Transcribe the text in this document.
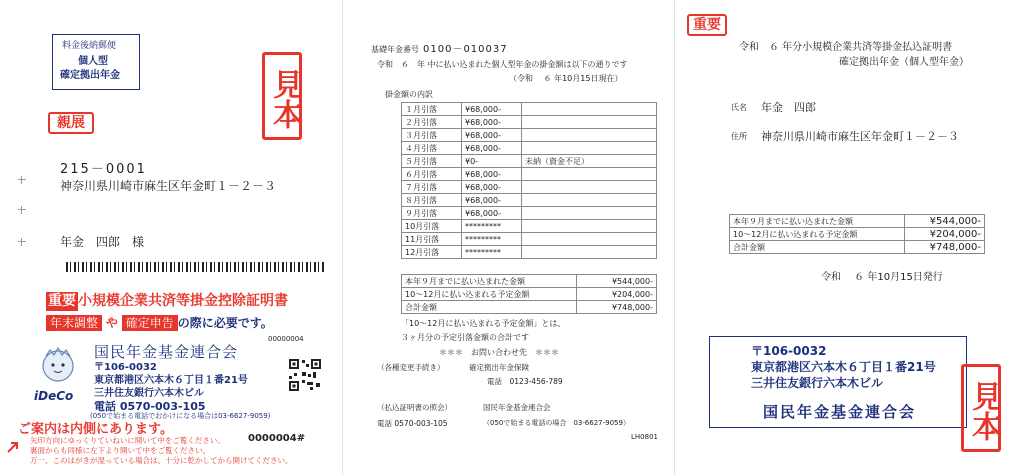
料金後納郵便
個人型
確定拠出年金	見本
親展
215－0001
神奈川県川崎市麻生区年金町１－２－３
年金　四郎　様
重要 小規模企業共済等掛金控除証明書
年末調整 や 確定申告 の際に必要です。
00000004
iDeCo
国民年金基金連合会
〒106-0032
東京都港区六本木６丁目１番21号
三井住友銀行六本木ビル
電話 0570-003-105
(050で始まる電話でおかけになる場合は03-6627-9059)
ご案内は内側にあります。
0000004#
矢印方向にゆっくりていねいに開いて中をご覧ください。
裏面からも同様に左下より開いて中をご覧ください。
万一、このはがきが湿っている場合は、十分に乾かしてから開けてください。
基礎年金番号 0100－010037
令和　６　年 中に払い込まれた個人型年金の掛金額は以下の通りです
（令和　 ６ 年10月15日現在）
掛金額の内訳
１月引落	¥68,000-	
２月引落	¥68,000-	
３月引落	¥68,000-	
４月引落	¥68,000-	
５月引落	¥0-	未納（資金不足）
６月引落	¥68,000-	
７月引落	¥68,000-	
８月引落	¥68,000-	
９月引落	¥68,000-	
10月引落	*********	
11月引落	*********	
12月引落	*********	
本年９月までに払い込まれた金額	¥544,000-
10～12月に払い込まれる予定金額	¥204,000-
合計金額	¥748,000-
「10～12月に払い込まれる予定金額」とは、
３ヶ月分の予定引落金額の合計です
＊＊＊　お問い合わせ先　＊＊＊
（各種変更手続き）	確定拠出年金保険
電話　0123-456-789
（払込証明書の照会）	国民年金基金連合会
電話 0570-003-105	（050で始まる電話の場合　03-6627-9059）
LH0801
重要
令和　６ 年分小規模企業共済等掛金払込証明書
確定拠出年金（個人型年金）
氏名 年金　四郎
住所 神奈川県川崎市麻生区年金町１－２－３
本年９月までに払い込まれた金額	¥544,000-
10～12月に払い込まれる予定金額	¥204,000-
合計金額	¥748,000-
令和　 ６ 年10月15日発行
〒106-0032
東京都港区六本木６丁目１番21号
三井住友銀行六本木ビル
国民年金基金連合会 見本
